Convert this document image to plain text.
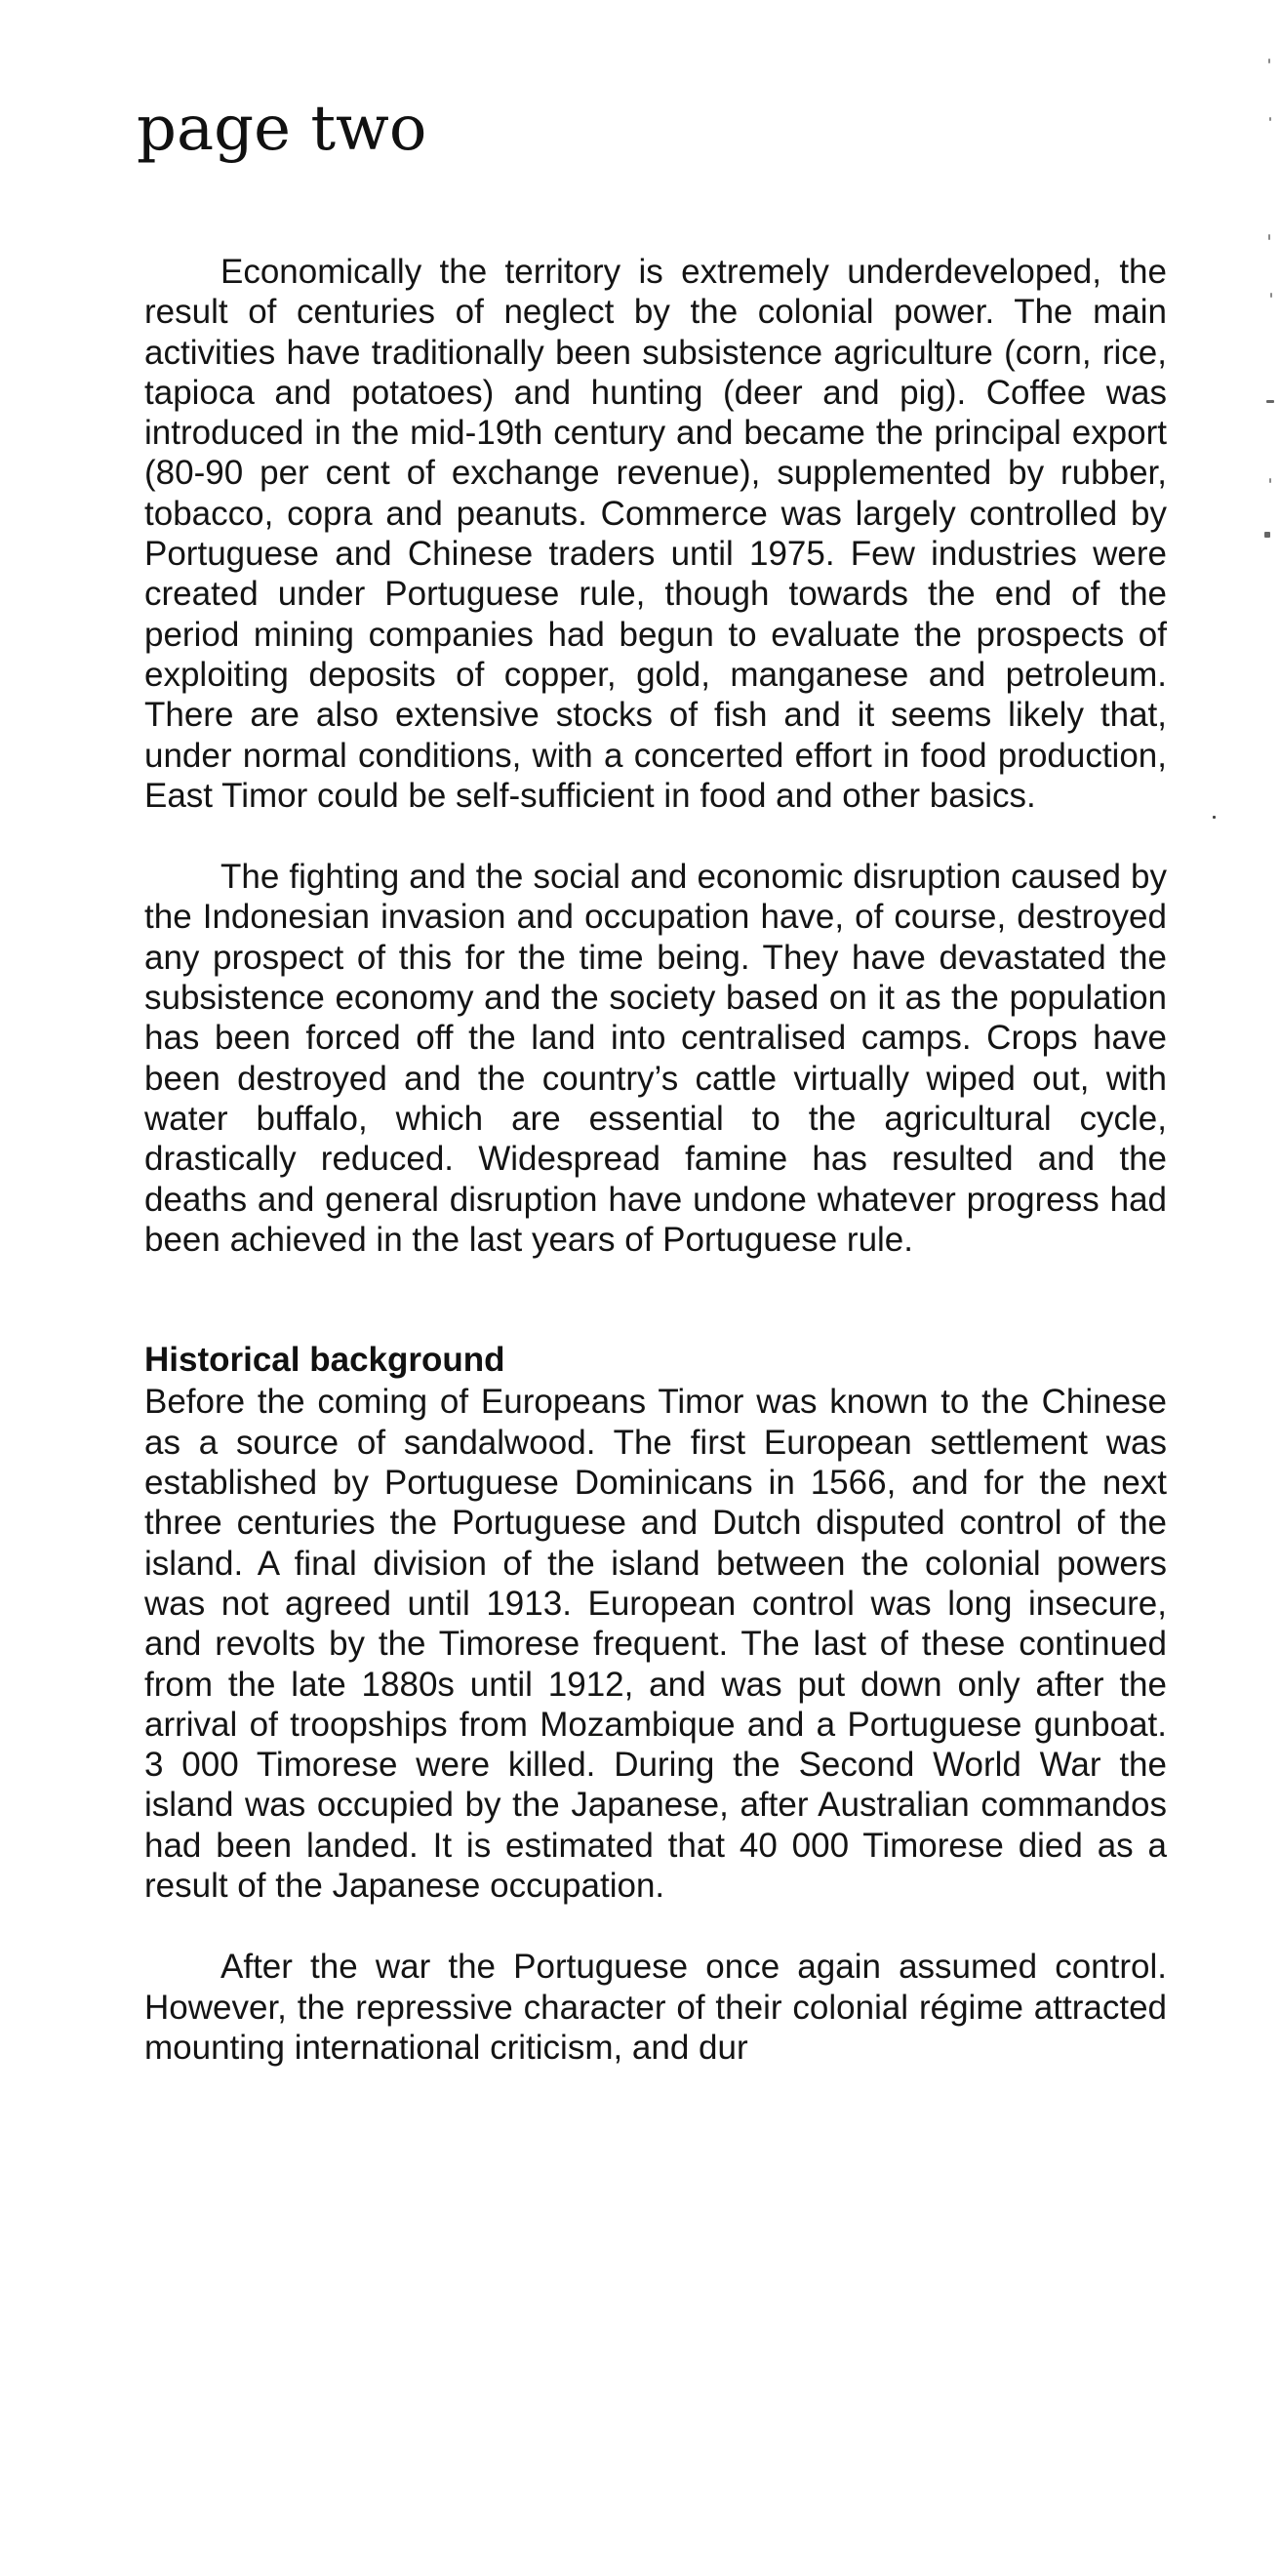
page two

Economically the territory is extremely underdeveloped, the result of centuries of neglect by the colonial power. The main activities have traditionally been subsistence agriculture (corn, rice, tapioca and potatoes) and hunting (deer and pig). Coffee was introduced in the mid-19th century and became the principal export (80-90 per cent of exchange revenue), supplemented by rubber, tobacco, copra and peanuts. Commerce was largely controlled by Portuguese and Chinese traders until 1975. Few industries were created under Portuguese rule, though towards the end of the period mining companies had begun to evaluate the prospects of exploiting deposits of copper, gold, manganese and petroleum. There are also extensive stocks of fish and it seems likely that, under normal conditions, with a concerted effort in food production, East Timor could be self-sufficient in food and other basics.

The fighting and the social and economic disruption caused by the Indonesian invasion and occupation have, of course, destroyed any prospect of this for the time being. They have devastated the subsistence economy and the society based on it as the population has been forced off the land into centralised camps. Crops have been destroyed and the country’s cattle virtually wiped out, with water buffalo, which are essential to the agricultural cycle, drastically reduced. Widespread famine has resulted and the deaths and general disruption have undone whatever progress had been achieved in the last years of Portuguese rule.

Historical background

Before the coming of Europeans Timor was known to the Chinese as a source of sandalwood. The first European settlement was established by Portuguese Dominicans in 1566, and for the next three centuries the Portuguese and Dutch disputed control of the island. A final division of the island between the colonial powers was not agreed until 1913. European control was long insecure, and revolts by the Timorese frequent. The last of these continued from the late 1880s until 1912, and was put down only after the arrival of troopships from Mozambique and a Portuguese gunboat. 3 000 Timorese were killed. During the Second World War the island was occupied by the Japanese, after Australian commandos had been landed. It is estimated that 40 000 Timorese died as a result of the Japanese occupation.

After the war the Portuguese once again assumed control. However, the repressive character of their colonial régime attracted mounting international criticism, and dur
